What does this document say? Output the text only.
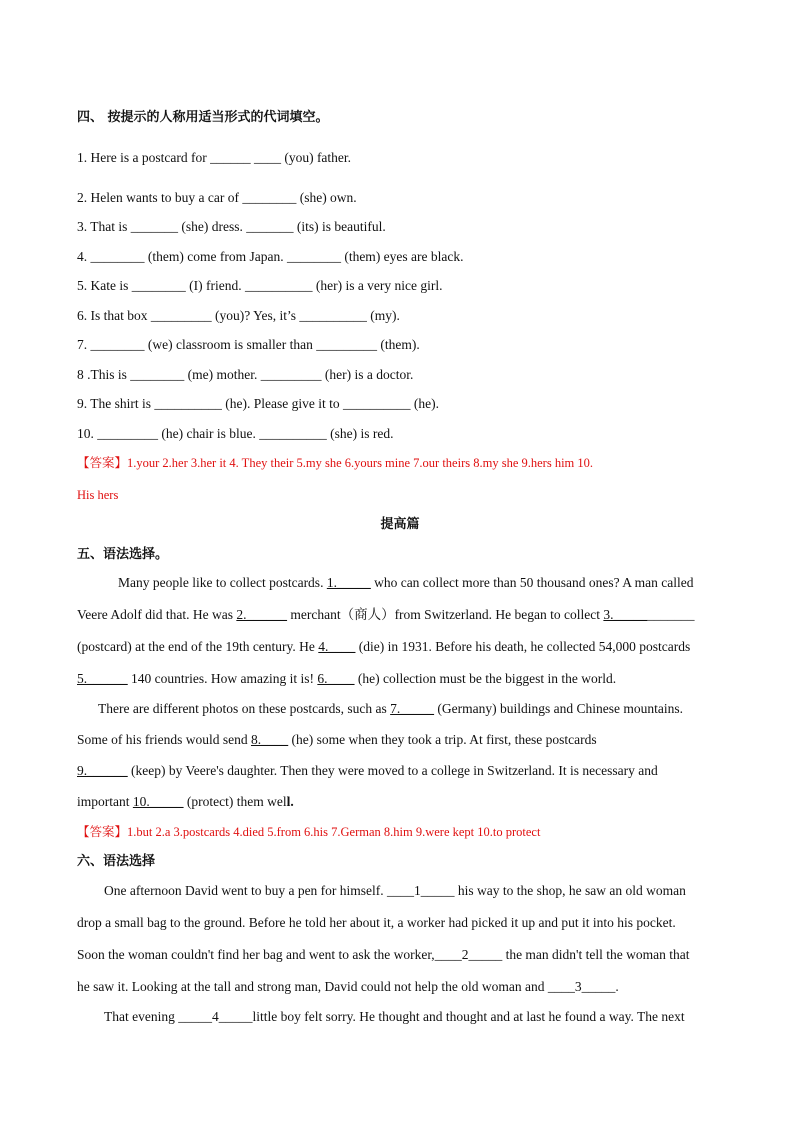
四、 按提示的人称用适当形式的代词填空。
1. Here is a postcard for ______ ____ (you) father.
2. Helen wants to buy a car of ________ (she) own.
3. That is _______ (she) dress. _______ (its) is beautiful.
4. ________ (them) come from Japan. ________ (them) eyes are black.
5. Kate is ________ (I) friend. __________ (her) is a very nice girl.
6. Is that box _________ (you)? Yes, it’s __________ (my).
7. ________ (we) classroom is smaller than _________ (them).
8 .This is ________ (me) mother. _________ (her) is a doctor.
9. The shirt is __________ (he). Please give it to __________ (he).
10. _________ (he) chair is blue. __________ (she) is red.
【答案】1.your 2.her 3.her it 4. They their 5.my she 6.yours mine 7.our theirs 8.my she 9.hers him 10.
His hers
提高篇
五、语法选择。
Many people like to collect postcards. 1._____ who can collect more than 50 thousand ones? A man called
Veere Adolf did that. He was 2.______ merchant（商人）from Switzerland. He began to collect 3.____________
(postcard) at the end of the 19th century. He 4.____ (die) in 1931. Before his death, he collected 54,000 postcards
5.______ 140 countries. How amazing it is! 6.____ (he) collection must be the biggest in the world.
There are different photos on these postcards, such as 7._____ (Germany) buildings and Chinese mountains.
Some of his friends would send 8.____ (he) some when they took a trip. At first, these postcards
9.______ (keep) by Veere's daughter. Then they were moved to a college in Switzerland. It is necessary and
important 10._____ (protect) them well.
【答案】1.but 2.a 3.postcards 4.died 5.from 6.his 7.German 8.him 9.were kept 10.to protect
六、语法选择
One afternoon David went to buy a pen for himself. ____1_____ his way to the shop, he saw an old woman
drop a small bag to the ground. Before he told her about it, a worker had picked it up and put it into his pocket.
Soon the woman couldn't find her bag and went to ask the worker,____2_____ the man didn't tell the woman that
he saw it. Looking at the tall and strong man, David could not help the old woman and ____3_____.
That evening _____4_____little boy felt sorry. He thought and thought and at last he found a way. The next
